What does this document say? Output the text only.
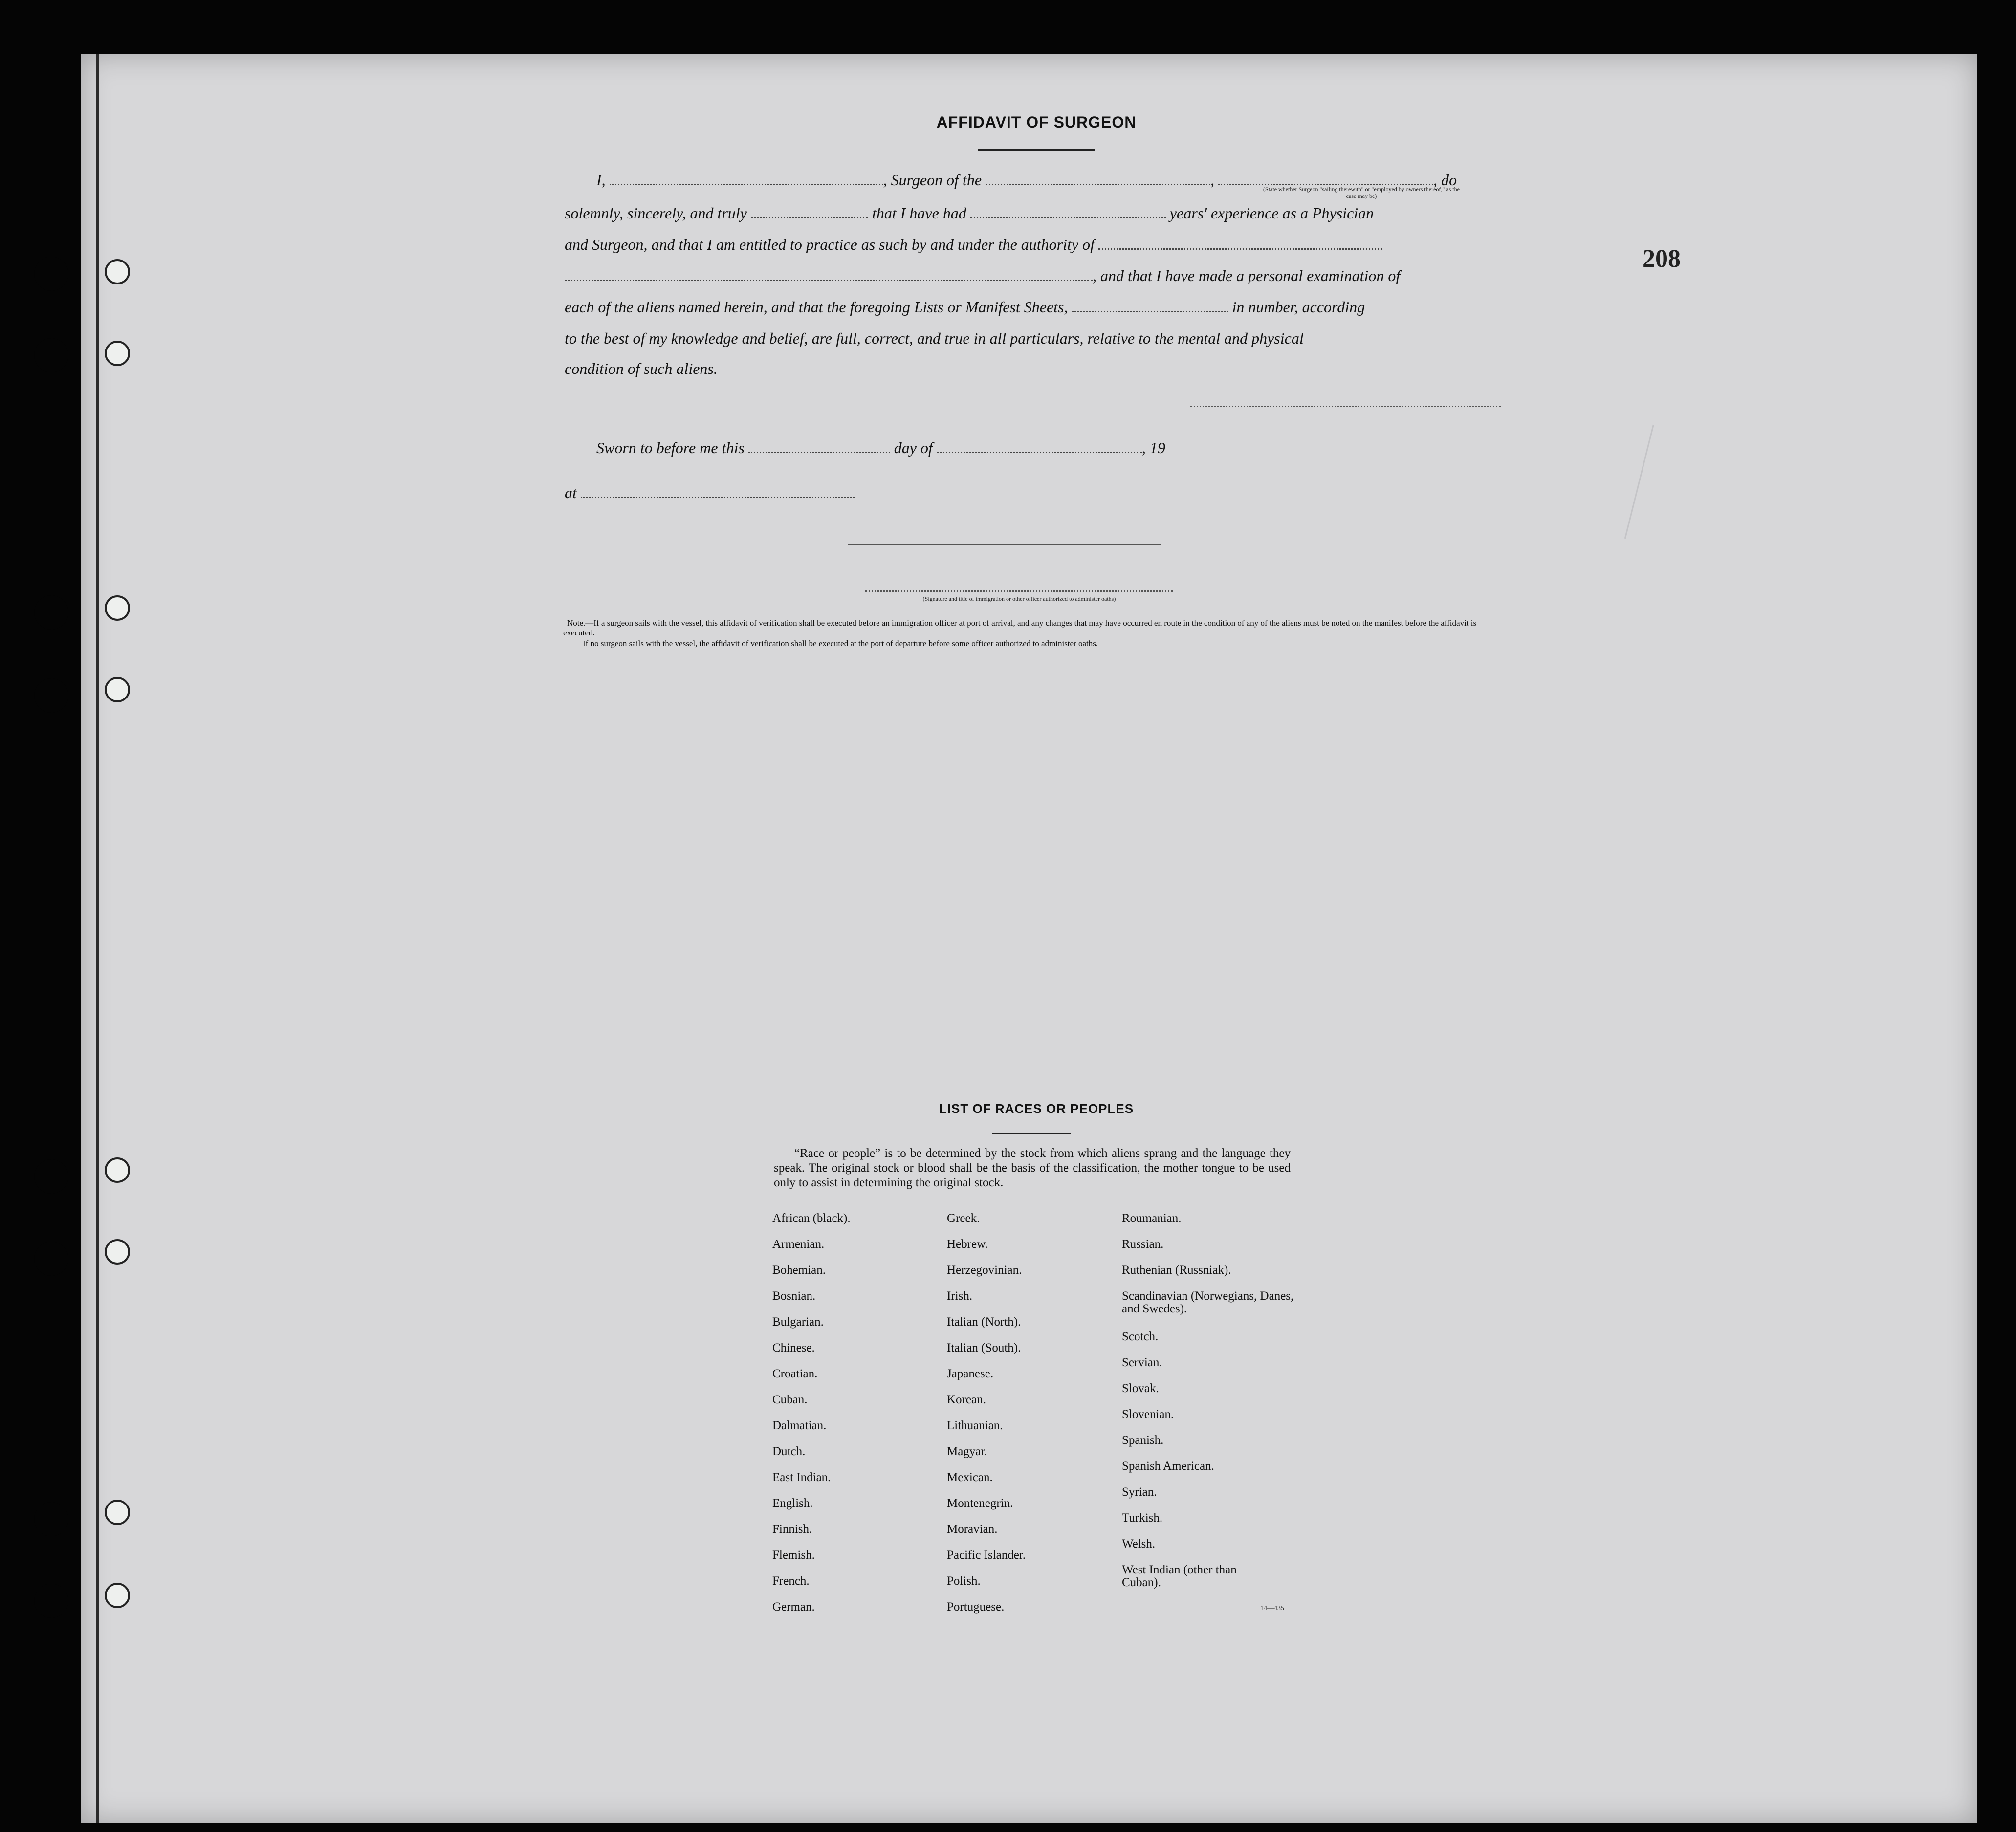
208
AFFIDAVIT OF SURGEON
I,	, Surgeon of the	,	, do
(State whether Surgeon "sailing therewith" or "employed by owners thereof," as the case may be)
solemnly, sincerely, and truly	that I have had	years' experience as a Physician
and Surgeon, and that I am entitled to practice as such by and under the authority of
, and that I have made a personal examination of
each of the aliens named herein, and that the foregoing Lists or Manifest Sheets,	in number, according
to the best of my knowledge and belief, are full, correct, and true in all particulars, relative to the mental and physical
condition of such aliens.
Sworn to before me this	day of	, 19
at
(Signature and title of immigration or other officer authorized to administer oaths)
Note.—If a surgeon sails with the vessel, this affidavit of verification shall be executed before an immigration officer at port of arrival, and any changes that may have occurred en route in the condition of any of the aliens must be noted on the manifest before the affidavit is executed.
If no surgeon sails with the vessel, the affidavit of verification shall be executed at the port of departure before some officer authorized to administer oaths.
LIST OF RACES OR PEOPLES
“Race or people” is to be determined by the stock from which aliens sprang and the language they speak. The original stock or blood shall be the basis of the classification, the mother tongue to be used only to assist in determining the original stock.
African (black).
Armenian.
Bohemian.
Bosnian.
Bulgarian.
Chinese.
Croatian.
Cuban.
Dalmatian.
Dutch.
East Indian.
English.
Finnish.
Flemish.
French.
German.
Greek.
Hebrew.
Herzegovinian.
Irish.
Italian (North).
Italian (South).
Japanese.
Korean.
Lithuanian.
Magyar.
Mexican.
Montenegrin.
Moravian.
Pacific Islander.
Polish.
Portuguese.
Roumanian.
Russian.
Ruthenian (Russniak).
Scandinavian (Norwegians, Danes, and Swedes).
Scotch.
Servian.
Slovak.
Slovenian.
Spanish.
Spanish American.
Syrian.
Turkish.
Welsh.
West Indian (other than Cuban).
14—435
